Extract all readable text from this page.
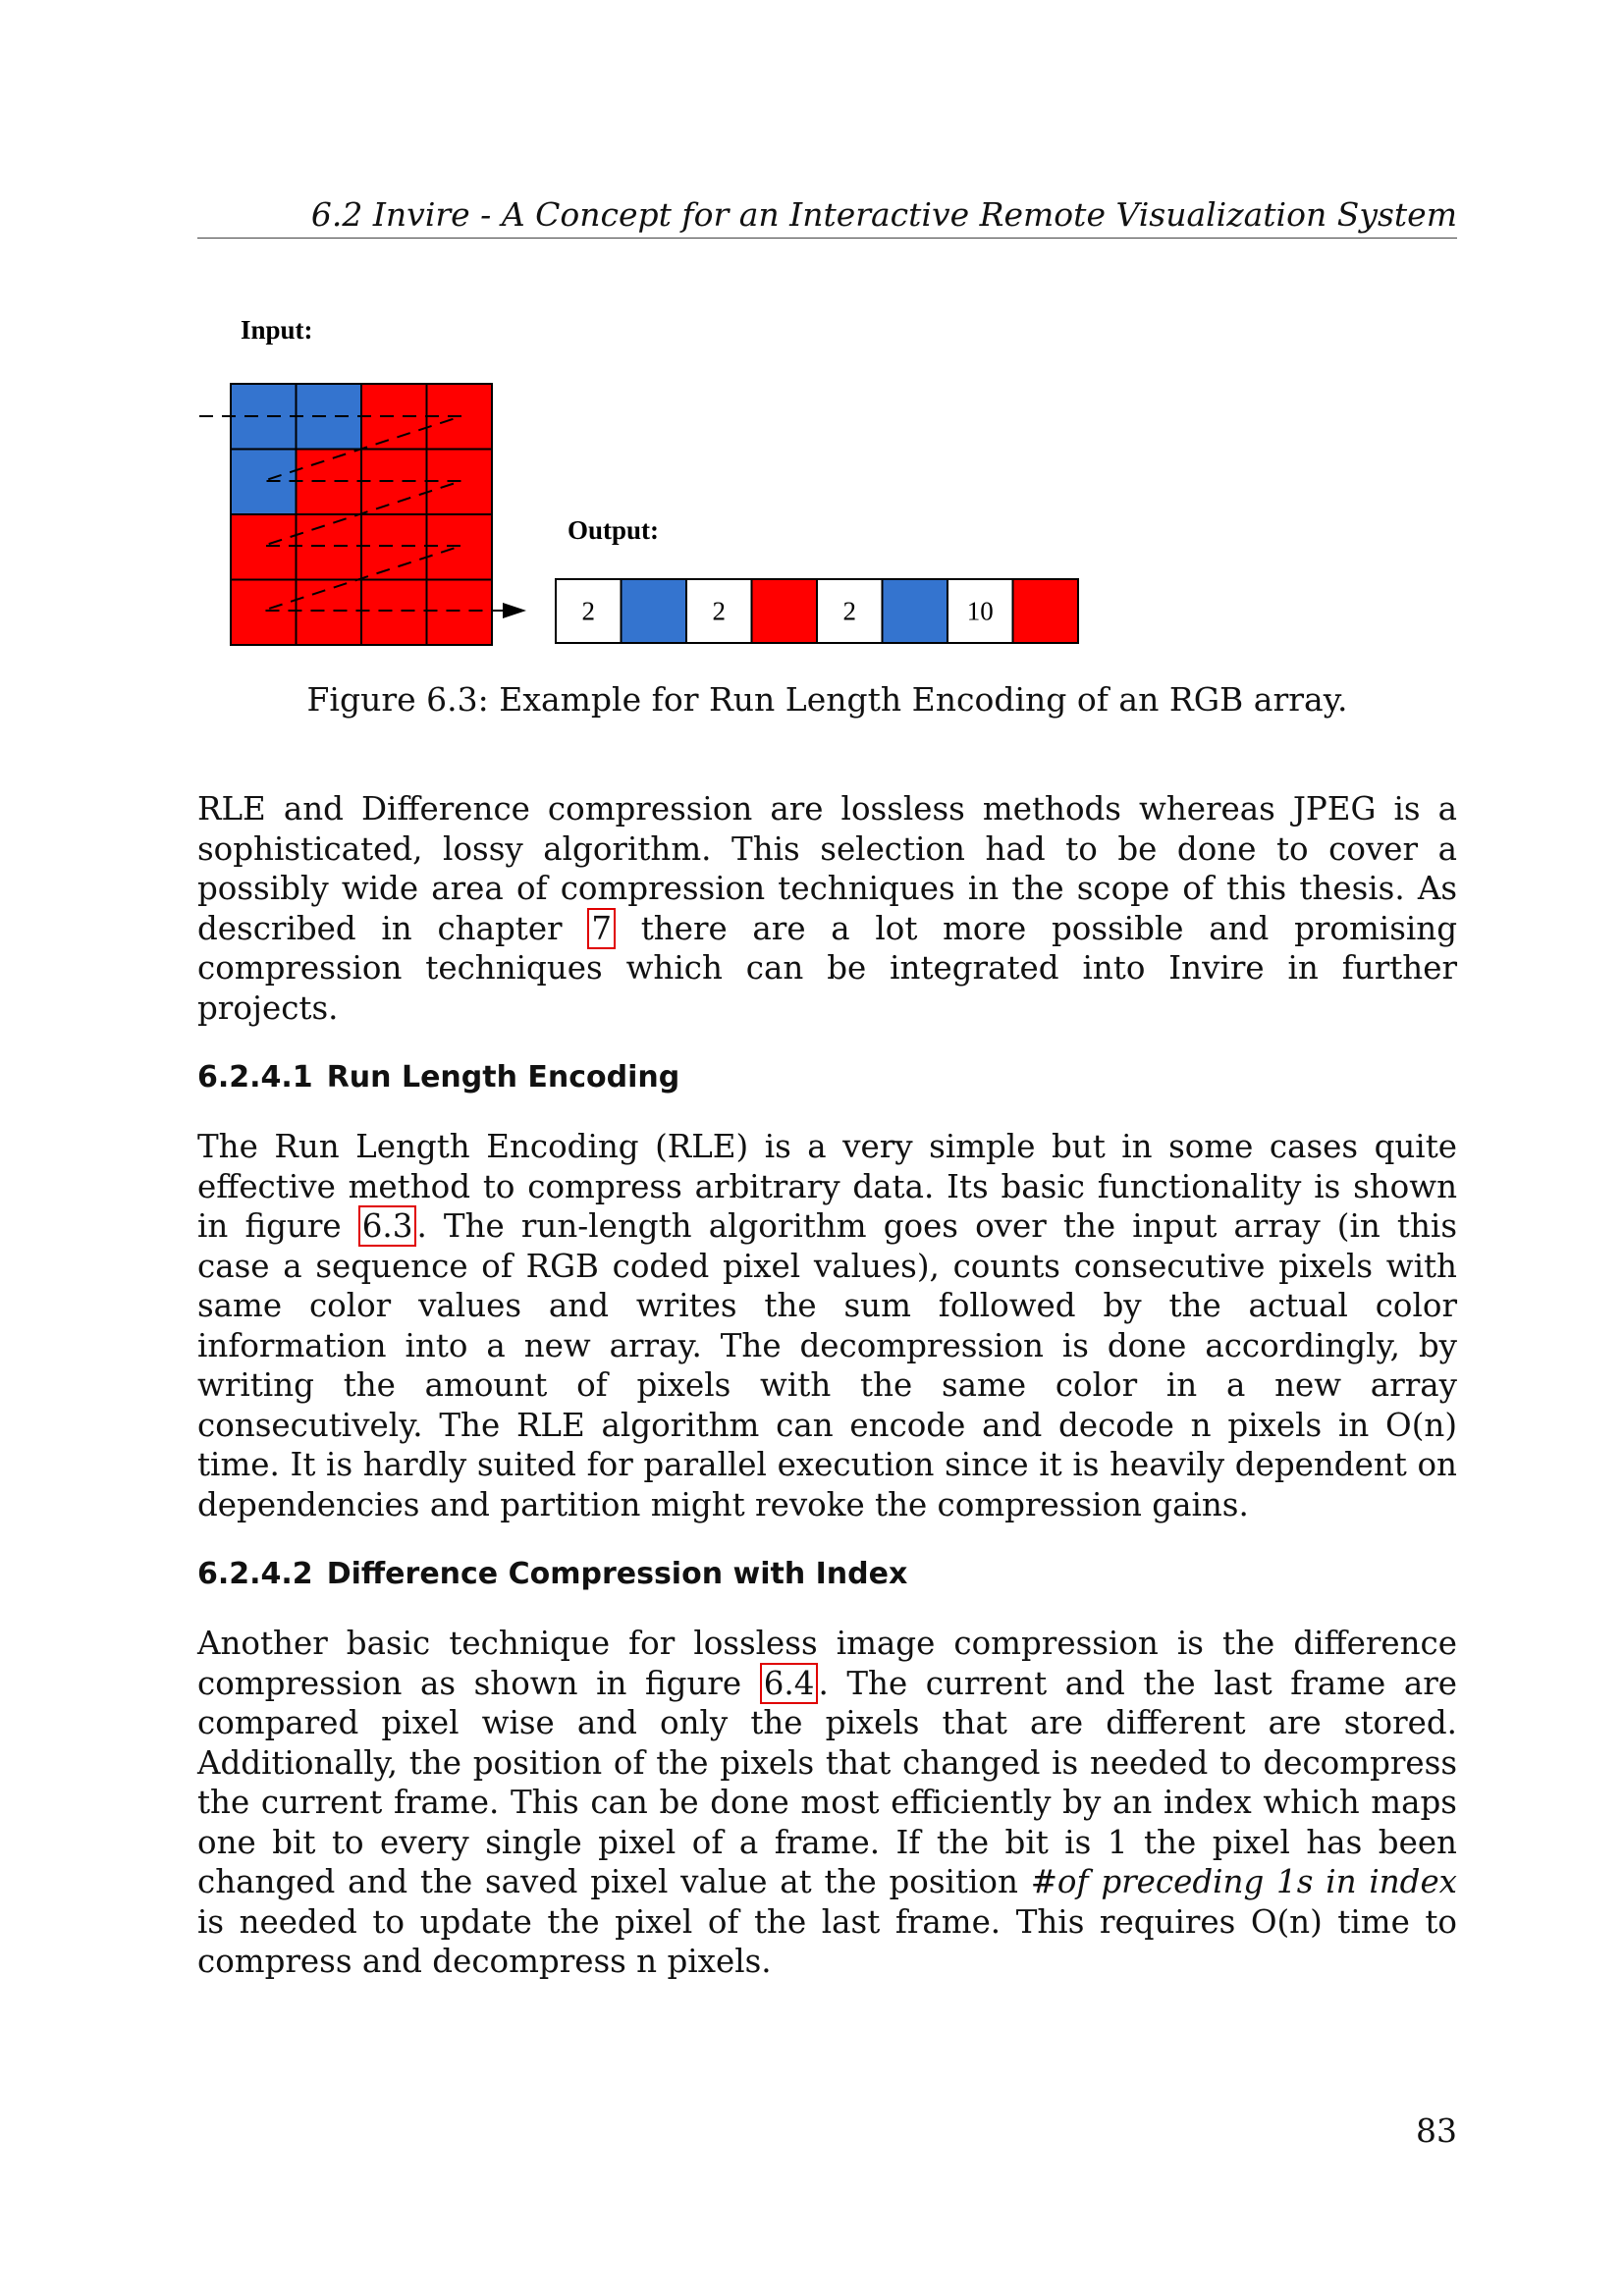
6.2 Invire - A Concept for an Interactive Remote Visualization System
Input:
Output:
2	2	2	10
Figure 6.3: Example for Run Length Encoding of an RGB array.

RLE and Difference compression are lossless methods whereas JPEG is a sophisticated, lossy algorithm. This selection had to be done to cover a possibly wide area of compression techniques in the scope of this thesis. As described in chapter 7 there are a lot more possible and promising compression techniques which can be integrated into Invire in further projects.

6.2.4.1 Run Length Encoding

The Run Length Encoding (RLE) is a very simple but in some cases quite effective method to compress arbitrary data. Its basic functionality is shown in figure 6.3 . The run-length algorithm goes over the input array (in this case a sequence of RGB coded pixel values), counts consecutive pixels with same color values and writes the sum followed by the actual color information into a new array. The decompression is done accordingly, by writing the amount of pixels with the same color in a new array consecutively. The RLE algorithm can encode and decode n pixels in O(n) time. It is hardly suited for parallel execution since it is heavily dependent on dependencies and partition might revoke the compression gains.

6.2.4.2 Difference Compression with Index

Another basic technique for lossless image compression is the difference compression as shown in figure 6.4 . The current and the last frame are compared pixel wise and only the pixels that are different are stored. Additionally, the position of the pixels that changed is needed to decompress the current frame. This can be done most efficiently by an index which maps one bit to every single pixel of a frame. If the bit is 1 the pixel has been changed and the saved pixel value at the position #of preceding 1s in index is needed to update the pixel of the last frame. This requires O(n) time to compress and decompress n pixels.

83
